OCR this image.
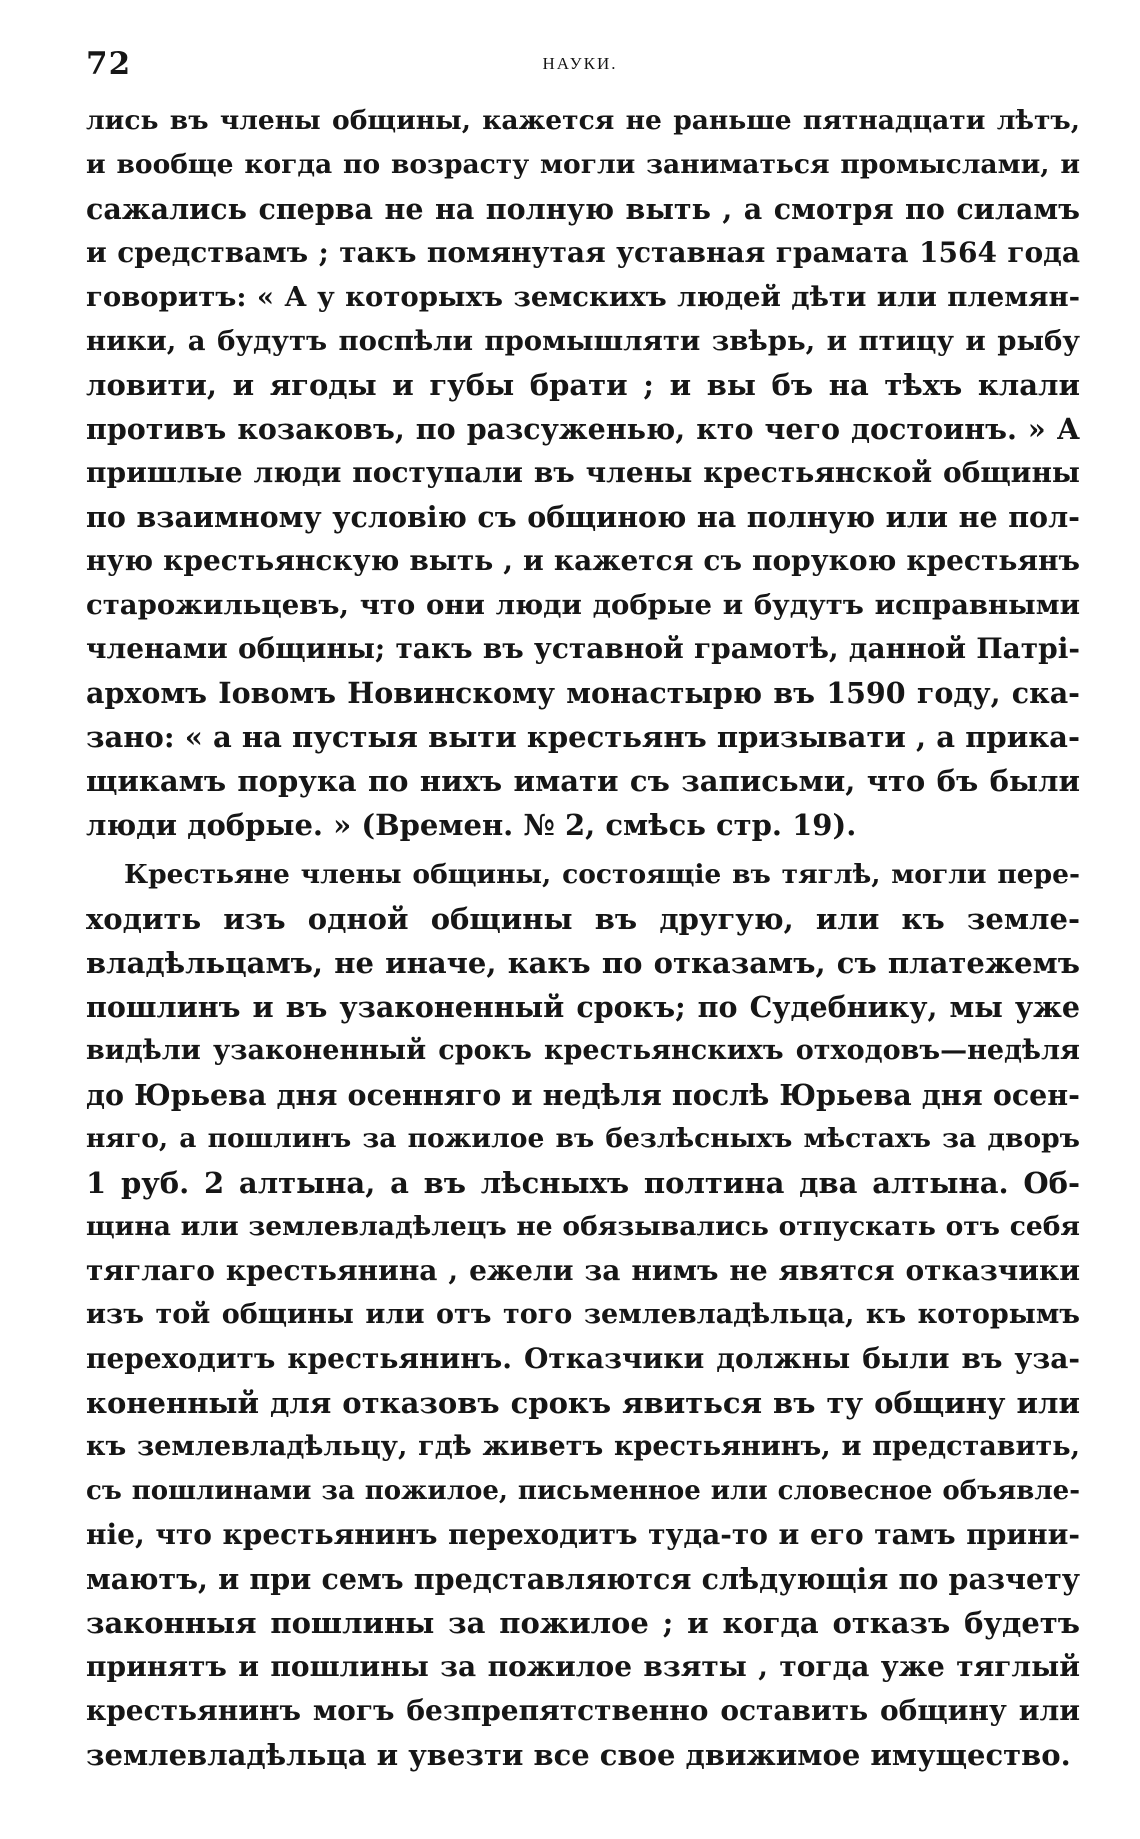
72	НАУКИ.
лись въ члены общины, кажется не раньше пятнадцати лѣтъ,
и вообще когда по возрасту могли заниматься промыслами, и
сажались сперва не на полную выть , а смотря по силамъ
и средствамъ ; такъ помянутая уставная грамата 1564 года
говоритъ: « А у которыхъ земскихъ людей дѣти или племян-
ники, а будутъ поспѣли промышляти звѣрь, и птицу и рыбу
ловити, и ягоды и губы брати ; и вы бъ на тѣхъ клали
противъ козаковъ, по разсуженью, кто чего достоинъ. » А
пришлые люди поступали въ члены крестьянской общины
по взаимному условію съ общиною на полную или не пол-
ную крестьянскую выть , и кажется съ порукою крестьянъ
старожильцевъ, что они люди добрые и будутъ исправными
членами общины; такъ въ уставной грамотѣ, данной Патрі-
архомъ Іовомъ Новинскому монастырю въ 1590 году, ска-
зано: « а на пустыя выти крестьянъ призывати , а прика-
щикамъ порука по нихъ имати съ записьми, что бъ были
люди добрые. » (Времен. № 2, смѣсь стр. 19).
Крестьяне члены общины, состоящіе въ тяглѣ, могли пере-
ходить изъ одной общины въ другую, или къ земле-
владѣльцамъ, не иначе, какъ по отказамъ, съ платежемъ
пошлинъ и въ узаконенный срокъ; по Судебнику, мы уже
видѣли узаконенный срокъ крестьянскихъ отходовъ—недѣля
до Юрьева дня осенняго и недѣля послѣ Юрьева дня осен-
няго, а пошлинъ за пожилое въ безлѣсныхъ мѣстахъ за дворъ
1 руб. 2 алтына, а въ лѣсныхъ полтина два алтына. Об-
щина или землевладѣлецъ не обязывались отпускать отъ себя
тяглаго крестьянина , ежели за нимъ не явятся отказчики
изъ той общины или отъ того землевладѣльца, къ которымъ
переходитъ крестьянинъ. Отказчики должны были въ уза-
коненный для отказовъ срокъ явиться въ ту общину или
къ землевладѣльцу, гдѣ живетъ крестьянинъ, и представить,
съ пошлинами за пожилое, письменное или словесное объявле-
ніе, что крестьянинъ переходитъ туда-то и его тамъ прини-
маютъ, и при семъ представляются слѣдующія по разчету
законныя пошлины за пожилое ; и когда отказъ будетъ
принятъ и пошлины за пожилое взяты , тогда уже тяглый
крестьянинъ могъ безпрепятственно оставить общину или
землевладѣльца и увезти все свое движимое имущество.
